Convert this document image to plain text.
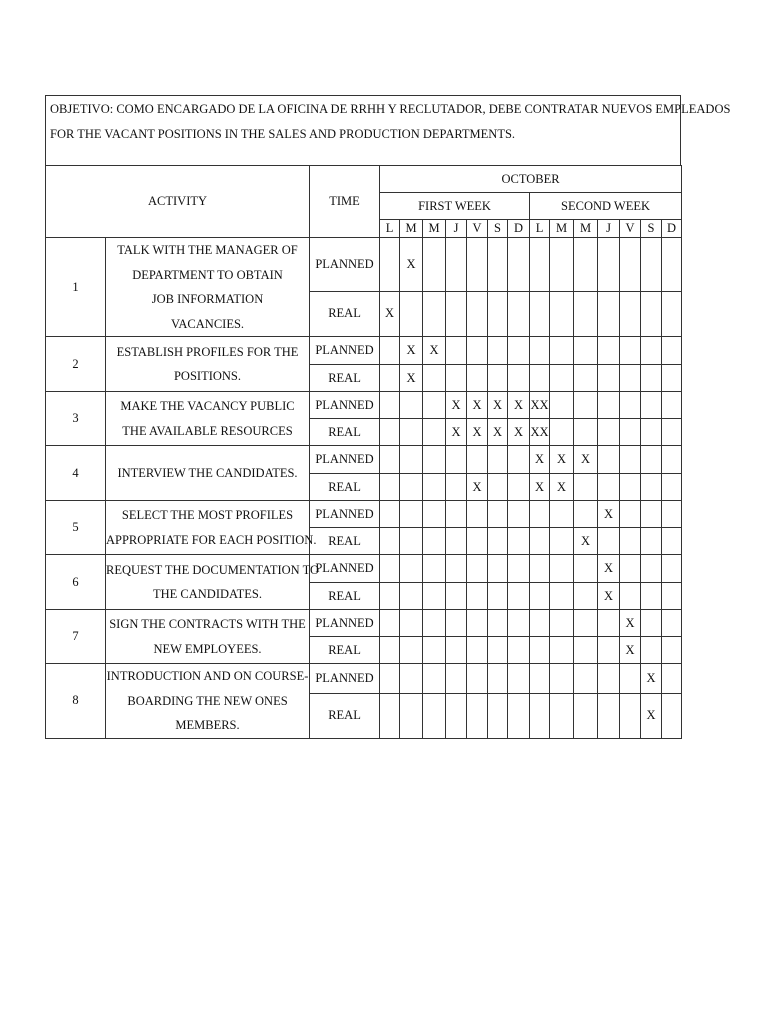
OBJETIVO: COMO ENCARGADO DE LA OFICINA DE RRHH Y RECLUTADOR, DEBE CONTRATAR NUEVOS EMPLEADOS
FOR THE VACANT POSITIONS IN THE SALES AND PRODUCTION DEPARTMENTS.
ACTIVITY		TIME	OCTOBER													
			FIRST WEEK							SECOND WEEK						
			L	M	M	J	V	S	D	L	M	M	J	V	S	D
1	TALK WITH THE MANAGER OF
DEPARTMENT TO OBTAIN
JOB INFORMATION
VACANCIES.	PLANNED		X												
		REAL	X													
2	ESTABLISH PROFILES FOR THE
POSITIONS.	PLANNED		X	X											
		REAL		X												
3	MAKE THE VACANCY PUBLIC
THE AVAILABLE RESOURCES	PLANNED				X	X	X	X	XX						
		REAL				X	X	X	X	XX						
4	INTERVIEW THE CANDIDATES.	PLANNED								X	X	X				
		REAL					X			X	X					
5	SELECT THE MOST PROFILES
APPROPRIATE FOR EACH POSITION.	PLANNED											X			
		REAL										X				
6	REQUEST THE DOCUMENTATION TO
THE CANDIDATES.	PLANNED											X			
		REAL											X			
7	SIGN THE CONTRACTS WITH THE
NEW EMPLOYEES.	PLANNED												X		
		REAL												X		
8	INTRODUCTION AND ON COURSE-
BOARDING THE NEW ONES
MEMBERS.	PLANNED													X	
		REAL													X	
